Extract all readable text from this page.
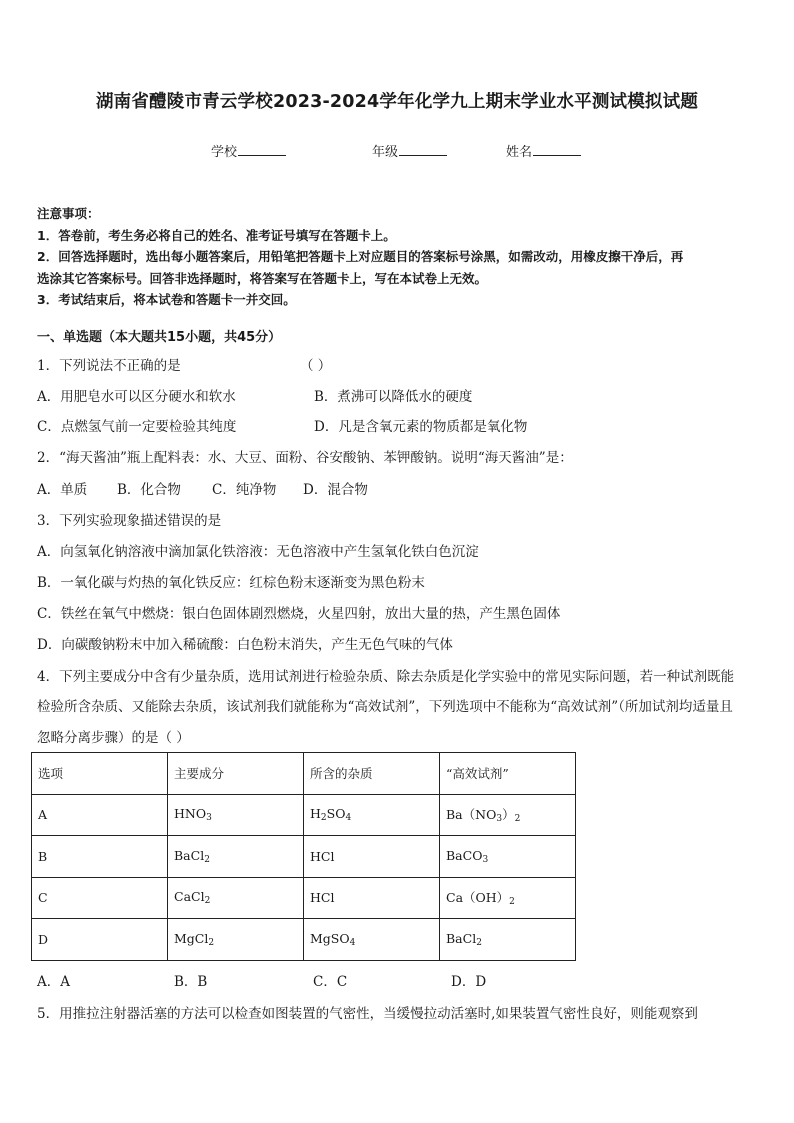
湖南省醴陵市青云学校2023-2024学年化学九上期末学业水平测试模拟试题
学校	年级	姓名
注意事项：
1．答卷前，考生务必将自己的姓名、准考证号填写在答题卡上。
2．回答选择题时，选出每小题答案后，用铅笔把答题卡上对应题目的答案标号涂黑，如需改动，用橡皮擦干净后，再
选涂其它答案标号。回答非选择题时，将答案写在答题卡上，写在本试卷上无效。
3．考试结束后，将本试卷和答题卡一并交回。
一、单选题（本大题共15小题，共45分）
1．下列说法不正确的是	（ ）
A．用肥皂水可以区分硬水和软水	B．煮沸可以降低水的硬度
C．点燃氢气前一定要检验其纯度	D．凡是含氧元素的物质都是氧化物
2．“海天酱油”瓶上配料表：水、大豆、面粉、谷安酸钠、苯钾酸钠。说明“海天酱油”是：
A．单质 B．化合物 C．纯净物 D．混合物
3．下列实验现象描述错误的是
A．向氢氧化钠溶液中滴加氯化铁溶液：无色溶液中产生氢氧化铁白色沉淀
B．一氧化碳与灼热的氧化铁反应：红棕色粉末逐渐变为黑色粉末
C．铁丝在氧气中燃烧：银白色固体剧烈燃烧，火星四射，放出大量的热，产生黑色固体
D．向碳酸钠粉末中加入稀硫酸：白色粉末消失，产生无色气味的气体
4．下列主要成分中含有少量杂质，选用试剂进行检验杂质、除去杂质是化学实验中的常见实际问题，若一种试剂既能
检验所含杂质、又能除去杂质，该试剂我们就能称为“高效试剂”，下列选项中不能称为“高效试剂”（所加试剂均适量且
忽略分离步骤）的是（ ）
选项	主要成分	所含的杂质	“高效试剂”
A	$HNO_3$	$H_2SO_4$	$Ba(NO_3)_2$
B	BaCl$_2$	HCl	BaCO$_3$
C	CaCl$_2$	HCl	$Ca(OH)_2$
D	MgCl$_2$	MgSO$_4$	BaCl$_2$
A．A	B．B	C．C	D．D
5．用推拉注射器活塞的方法可以检查如图装置的气密性，当缓慢拉动活塞时,如果装置气密性良好，则能观察到
